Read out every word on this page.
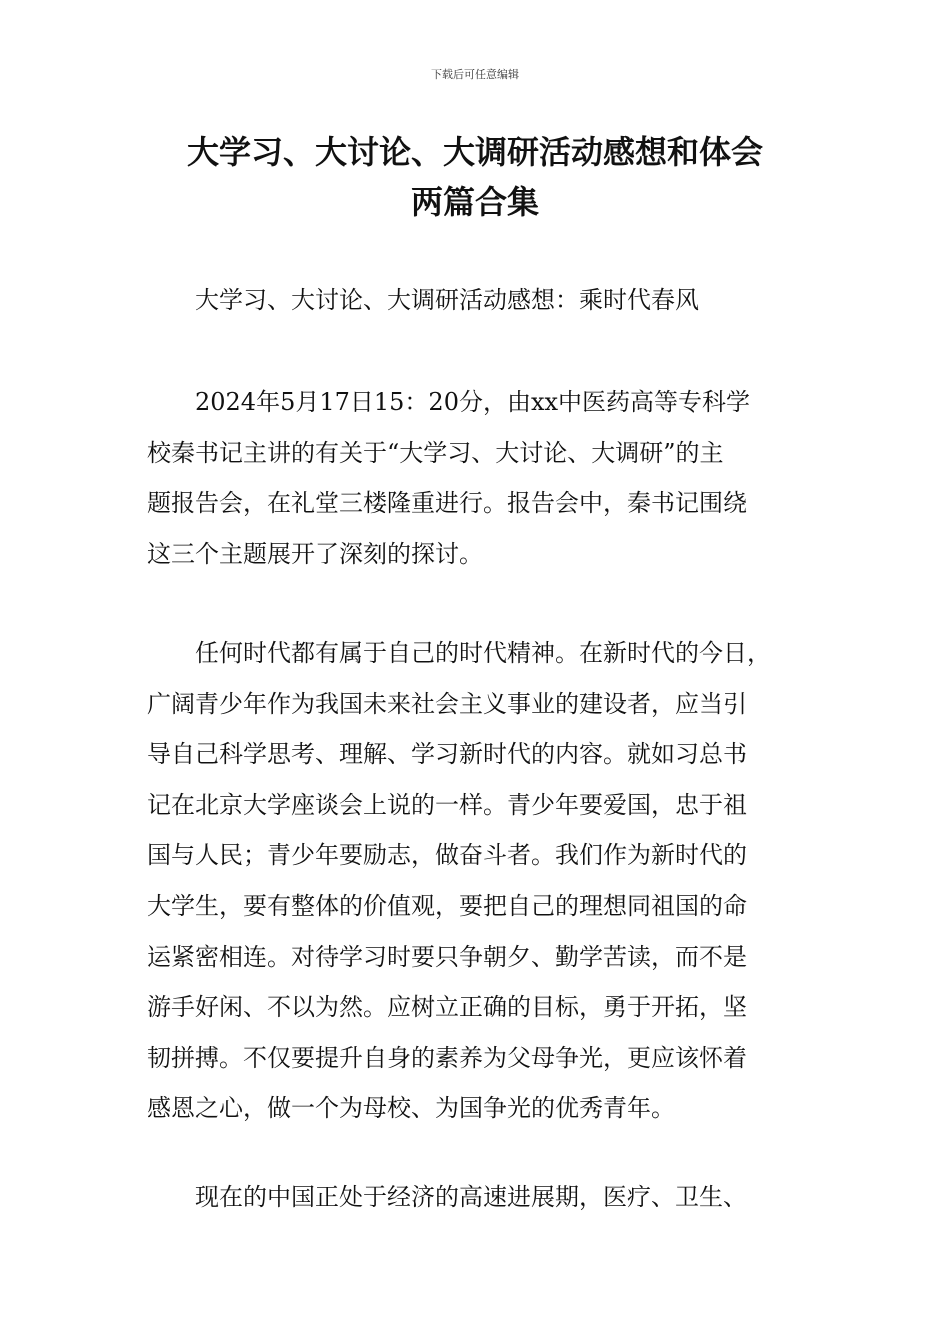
下载后可任意编辑
大学习、大讨论、大调研活动感想和体会
两篇合集
大学习、大讨论、大调研活动感想：乘时代春风
2024年5月17日15：20分，由xx中医药高等专科学
校秦书记主讲的有关于“大学习、大讨论、大调研”的主
题报告会，在礼堂三楼隆重进行。报告会中，秦书记围绕
这三个主题展开了深刻的探讨。
任何时代都有属于自己的时代精神。在新时代的今日，
广阔青少年作为我国未来社会主义事业的建设者，应当引
导自己科学思考、理解、学习新时代的内容。就如习总书
记在北京大学座谈会上说的一样。青少年要爱国，忠于祖
国与人民；青少年要励志，做奋斗者。我们作为新时代的
大学生，要有整体的价值观，要把自己的理想同祖国的命
运紧密相连。对待学习时要只争朝夕、勤学苦读，而不是
游手好闲、不以为然。应树立正确的目标，勇于开拓，坚
韧拼搏。不仅要提升自身的素养为父母争光，更应该怀着
感恩之心，做一个为母校、为国争光的优秀青年。
现在的中国正处于经济的高速进展期，医疗、卫生、
